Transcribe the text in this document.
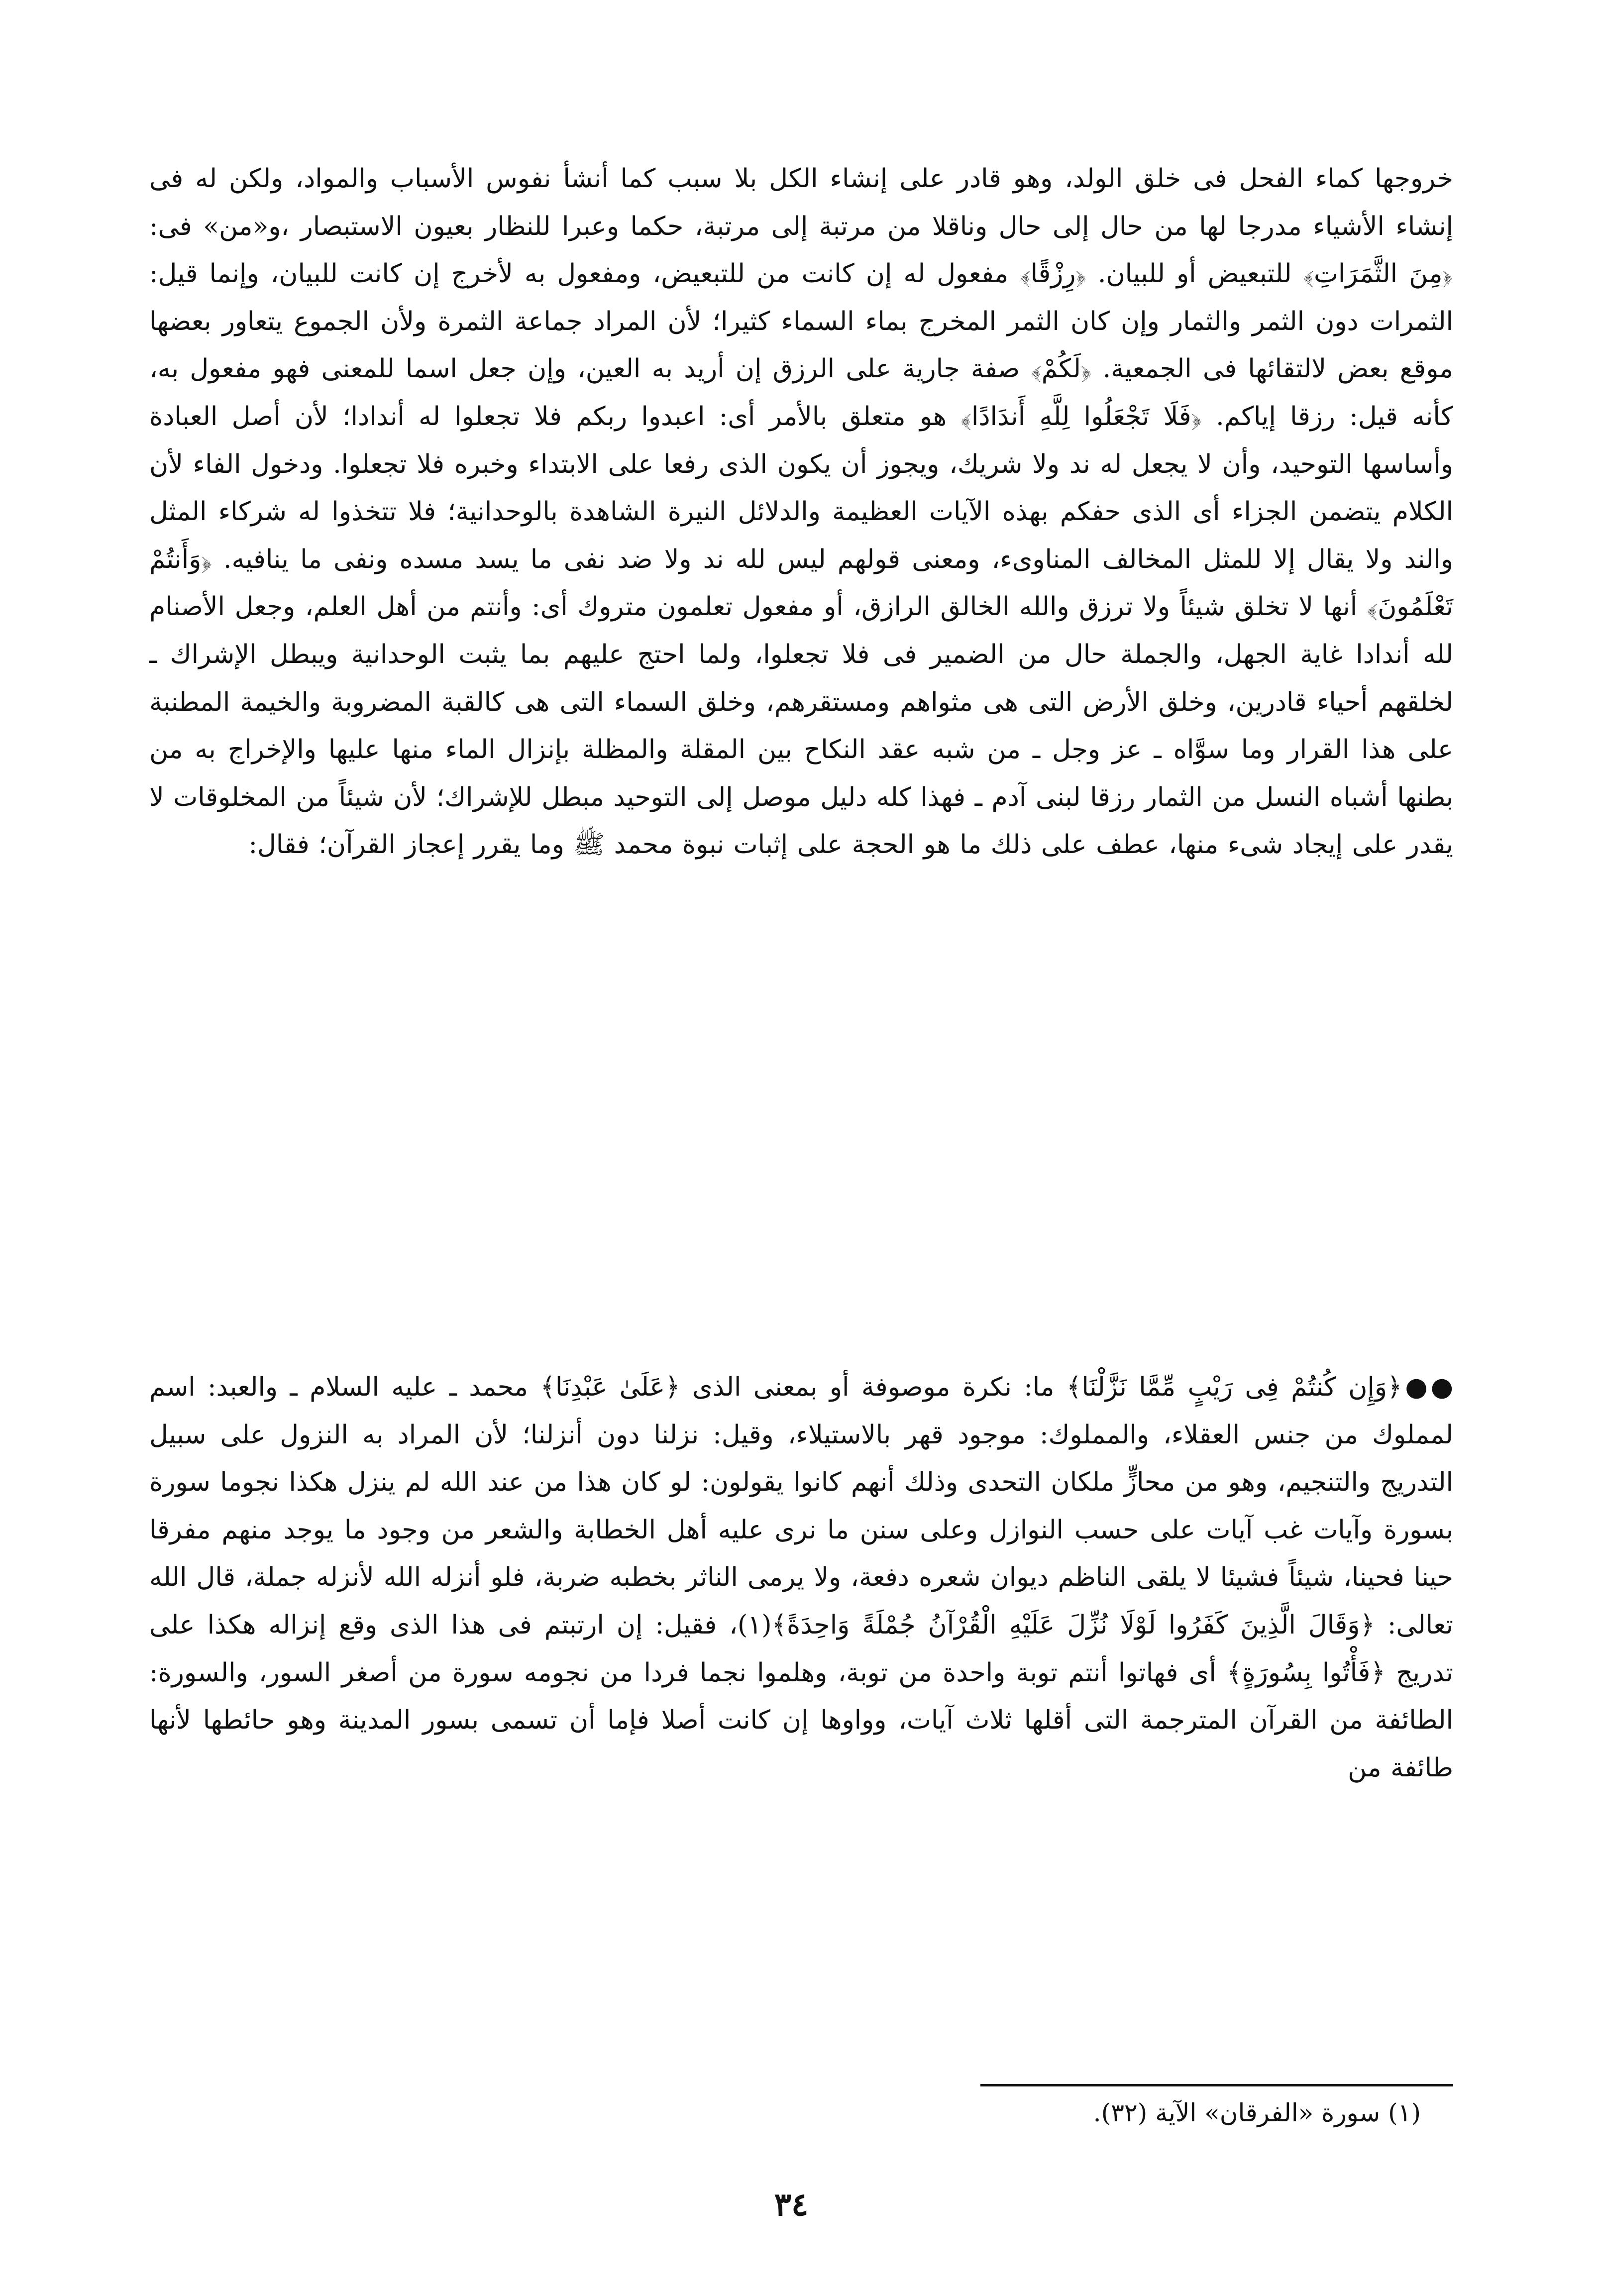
خروجها كماء الفحل فى خلق الولد، وهو قادر على إنشاء الكل بلا سبب كما أنشأ نفوس الأسباب والمواد، ولكن له فى إنشاء الأشياء مدرجا لها من حال إلى حال وناقلا من مرتبة إلى مرتبة، حكما وعبرا للنظار بعيون الاستبصار ،و«من» فى: ﴿مِنَ الثَّمَرَاتِ﴾ للتبعيض أو للبيان. ﴿رِزْقًا﴾ مفعول له إن كانت من للتبعيض، ومفعول به لأخرج إن كانت للبيان، وإنما قيل: الثمرات دون الثمر والثمار وإن كان الثمر المخرج بماء السماء كثيرا؛ لأن المراد جماعة الثمرة ولأن الجموع يتعاور بعضها موقع بعض لالتقائها فى الجمعية. ﴿لَكُمْ﴾ صفة جارية على الرزق إن أريد به العين، وإن جعل اسما للمعنى فهو مفعول به، كأنه قيل: رزقا إياكم. ﴿فَلَا تَجْعَلُوا لِلَّهِ أَندَادًا﴾ هو متعلق بالأمر أى: اعبدوا ربكم فلا تجعلوا له أندادا؛ لأن أصل العبادة وأساسها التوحيد، وأن لا يجعل له ند ولا شريك، ويجوز أن يكون الذى رفعا على الابتداء وخبره فلا تجعلوا. ودخول الفاء لأن الكلام يتضمن الجزاء أى الذى حفكم بهذه الآيات العظيمة والدلائل النيرة الشاهدة بالوحدانية؛ فلا تتخذوا له شركاء المثل والند ولا يقال إلا للمثل المخالف المناوىء، ومعنى قولهم ليس لله ند ولا ضد نفى ما يسد مسده ونفى ما ينافيه. ﴿وَأَنتُمْ تَعْلَمُونَ﴾ أنها لا تخلق شيئاً ولا ترزق والله الخالق الرازق، أو مفعول تعلمون متروك أى: وأنتم من أهل العلم، وجعل الأصنام لله أندادا غاية الجهل، والجملة حال من الضمير فى فلا تجعلوا، ولما احتج عليهم بما يثبت الوحدانية ويبطل الإشراك ـ لخلقهم أحياء قادرين، وخلق الأرض التى هى مثواهم ومستقرهم، وخلق السماء التى هى كالقبة المضروبة والخيمة المطنبة على هذا القرار وما سوَّاه ـ عز وجل ـ من شبه عقد النكاح بين المقلة والمظلة بإنزال الماء منها عليها والإخراج به من بطنها أشباه النسل من الثمار رزقا لبنى آدم ـ فهذا كله دليل موصل إلى التوحيد مبطل للإشراك؛ لأن شيئاً من المخلوقات لا يقدر على إيجاد شىء منها، عطف على ذلك ما هو الحجة على إثبات نبوة محمد ﷺ وما يقرر إعجاز القرآن؛ فقال:

●●﴿وَإِن كُنتُمْ فِى رَيْبٍ مِّمَّا نَزَّلْنَا﴾ ما: نكرة موصوفة أو بمعنى الذى ﴿عَلَىٰ عَبْدِنَا﴾ محمد ـ عليه السلام ـ والعبد: اسم لمملوك من جنس العقلاء، والمملوك: موجود قهر بالاستيلاء، وقيل: نزلنا دون أنزلنا؛ لأن المراد به النزول على سبيل التدريج والتنجيم، وهو من محازٍّ ملكان التحدى وذلك أنهم كانوا يقولون: لو كان هذا من عند الله لم ينزل هكذا نجوما سورة بسورة وآيات غب آيات على حسب النوازل وعلى سنن ما نرى عليه أهل الخطابة والشعر من وجود ما يوجد منهم مفرقا حينا فحينا، شيئاً فشيئا لا يلقى الناظم ديوان شعره دفعة، ولا يرمى الناثر بخطبه ضربة، فلو أنزله الله لأنزله جملة، قال الله تعالى: ﴿وَقَالَ الَّذِينَ كَفَرُوا لَوْلَا نُزِّلَ عَلَيْهِ الْقُرْآنُ جُمْلَةً وَاحِدَةً﴾(١)، فقيل: إن ارتبتم فى هذا الذى وقع إنزاله هكذا على تدريج ﴿فَأْتُوا بِسُورَةٍ﴾ أى فهاتوا أنتم توبة واحدة من توبة، وهلموا نجما فردا من نجومه سورة من أصغر السور، والسورة: الطائفة من القرآن المترجمة التى أقلها ثلاث آيات، وواوها إن كانت أصلا فإما أن تسمى بسور المدينة وهو حائطها لأنها طائفة من

(١) سورة «الفرقان» الآية (٣٢).
٣٤
